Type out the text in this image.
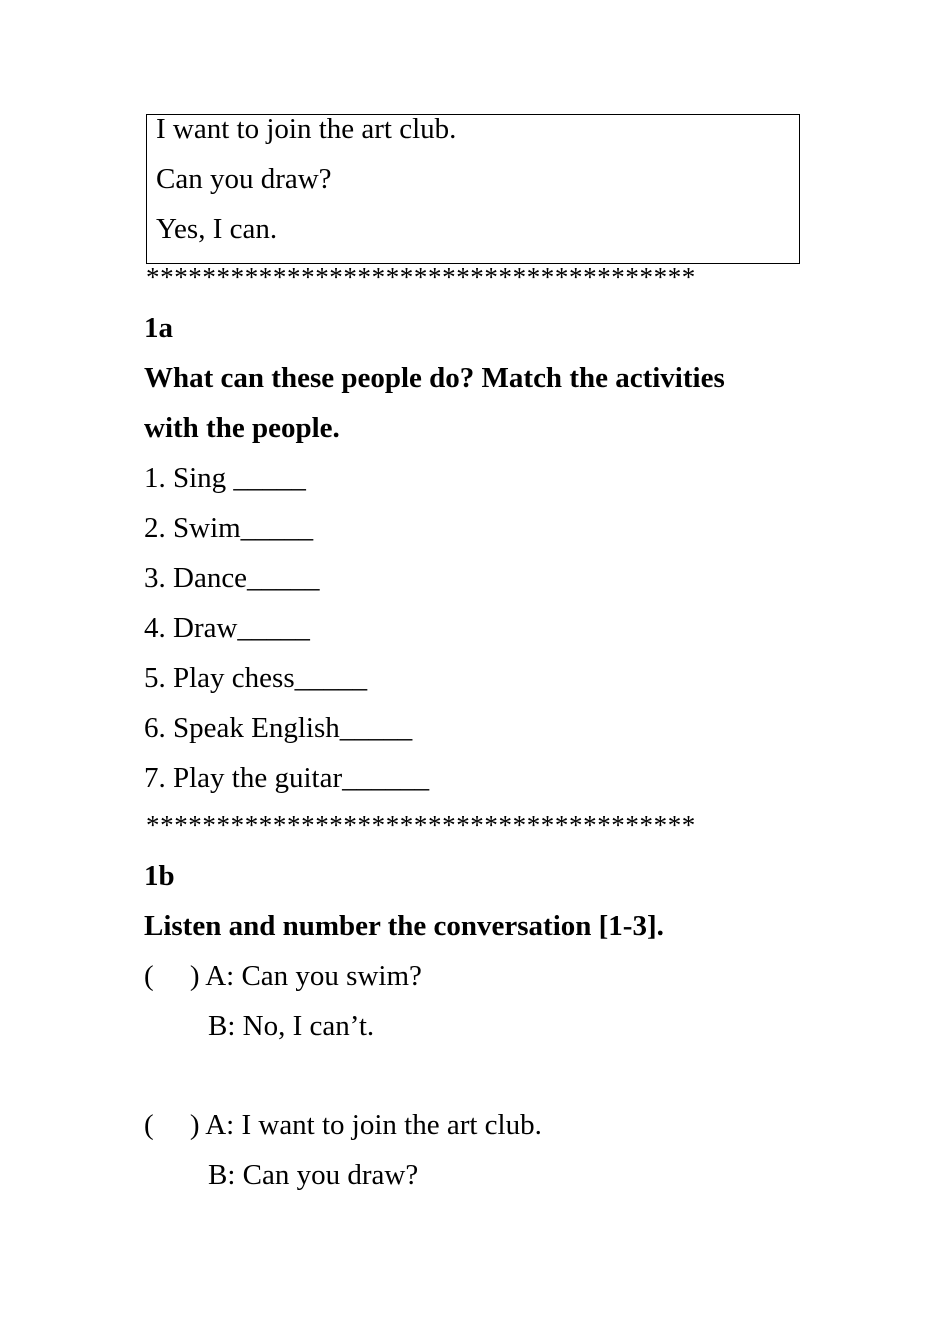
I want to join the art club.
Can you draw?
Yes, I can.
***************************************
1a
What can these people do? Match the activities
with the people.
1. Sing _____
2. Swim_____
3. Dance_____
4. Draw_____
5. Play chess_____
6. Speak English_____
7. Play the guitar______
***************************************
1b
Listen and number the conversation [1-3].
(     ) A: Can you swim?
B: No, I can’t.
(     ) A: I want to join the art club.
B: Can you draw?
